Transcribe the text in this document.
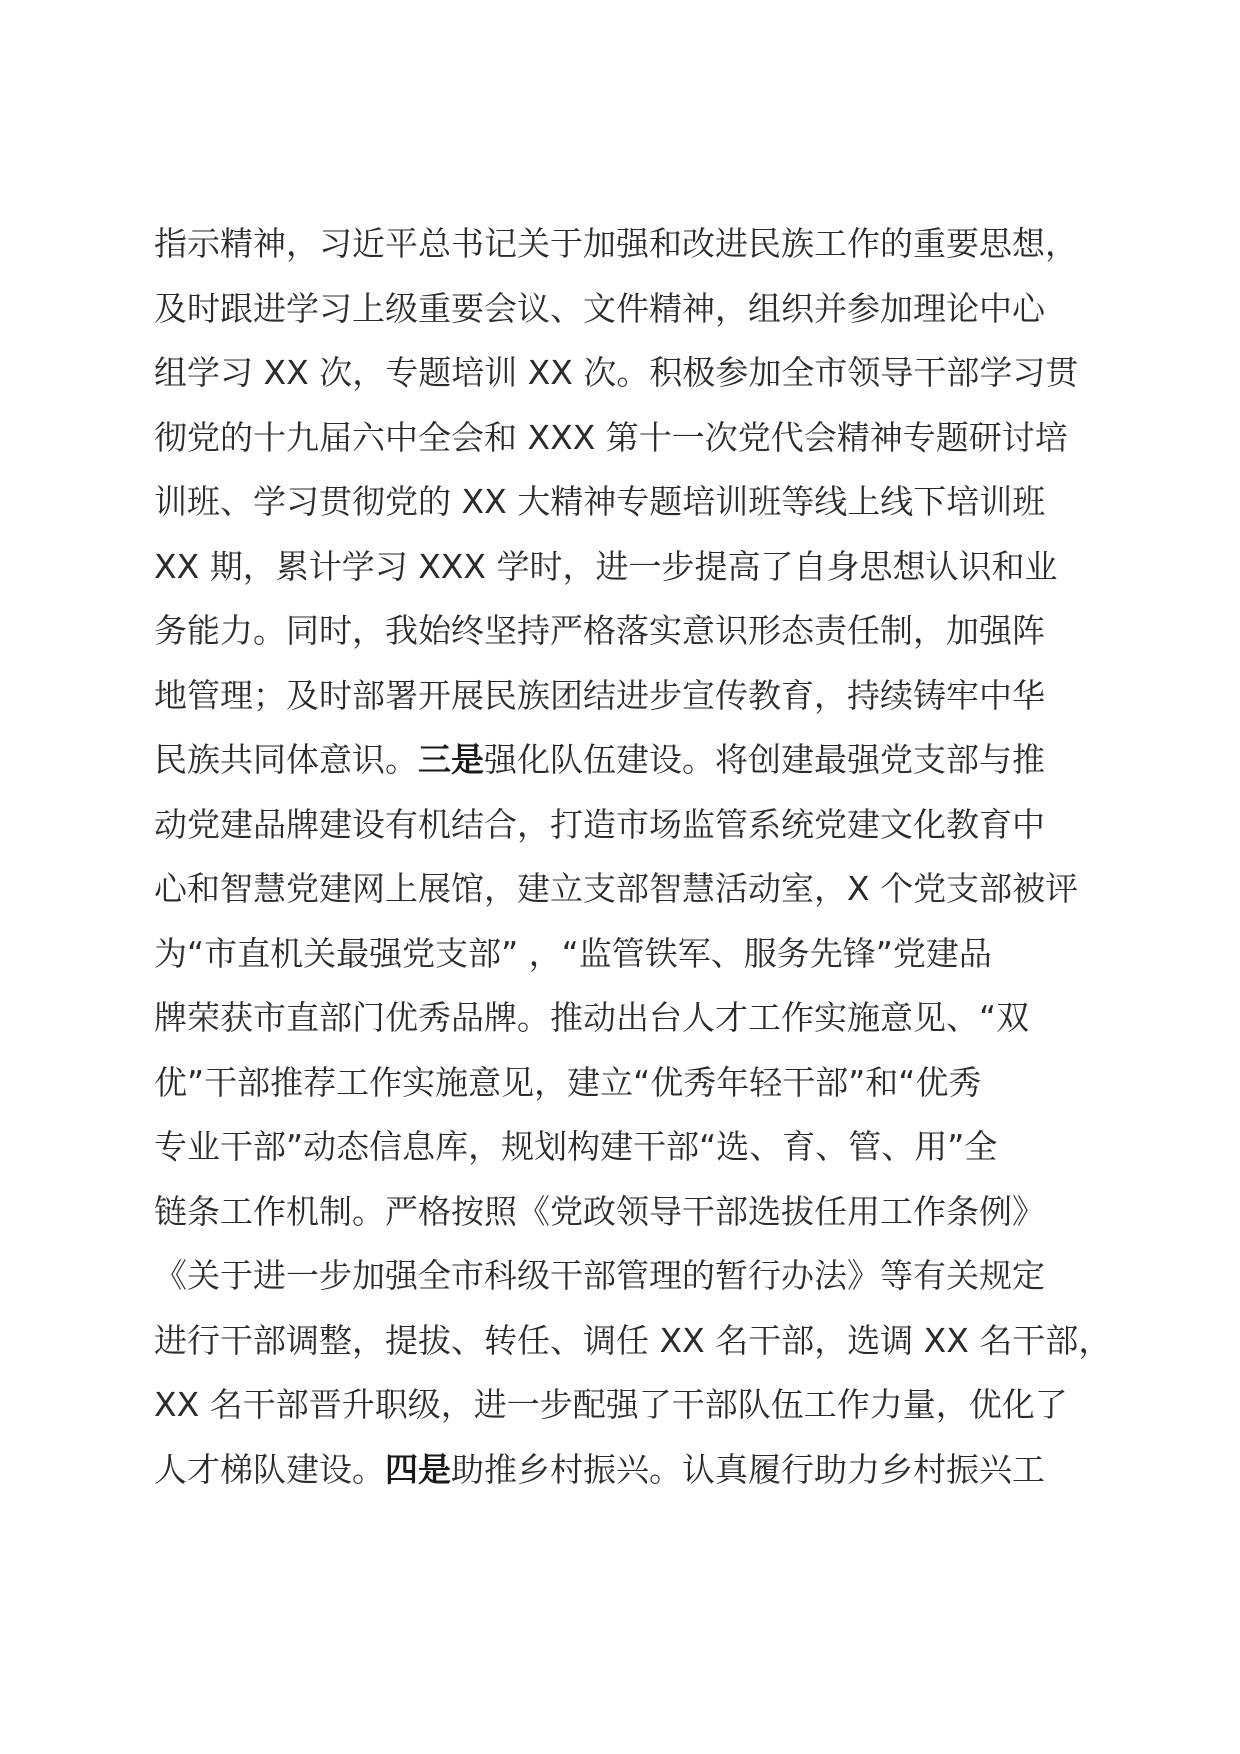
指示精神，习近平总书记关于加强和改进民族工作的重要思想，
及时跟进学习上级重要会议、文件精神，组织并参加理论中心
组学习 XX 次，专题培训 XX 次。积极参加全市领导干部学习贯
彻党的十九届六中全会和 XXX 第十一次党代会精神专题研讨培
训班、学习贯彻党的 XX 大精神专题培训班等线上线下培训班
XX 期，累计学习 XXX 学时，进一步提高了自身思想认识和业
务能力。同时，我始终坚持严格落实意识形态责任制，加强阵
地管理；及时部署开展民族团结进步宣传教育，持续铸牢中华
民族共同体意识。三是强化队伍建设。将创建最强党支部与推
动党建品牌建设有机结合，打造市场监管系统党建文化教育中
心和智慧党建网上展馆，建立支部智慧活动室，X 个党支部被评
为“市直机关最强党支部” ，“监管铁军、服务先锋”党建品
牌荣获市直部门优秀品牌。推动出台人才工作实施意见、“双
优”干部推荐工作实施意见，建立“优秀年轻干部”和“优秀
专业干部”动态信息库，规划构建干部“选、育、管、用”全
链条工作机制。严格按照《党政领导干部选拔任用工作条例》
《关于进一步加强全市科级干部管理的暂行办法》等有关规定
进行干部调整，提拔、转任、调任 XX 名干部，选调 XX 名干部，
XX 名干部晋升职级，进一步配强了干部队伍工作力量，优化了
人才梯队建设。四是助推乡村振兴。认真履行助力乡村振兴工
